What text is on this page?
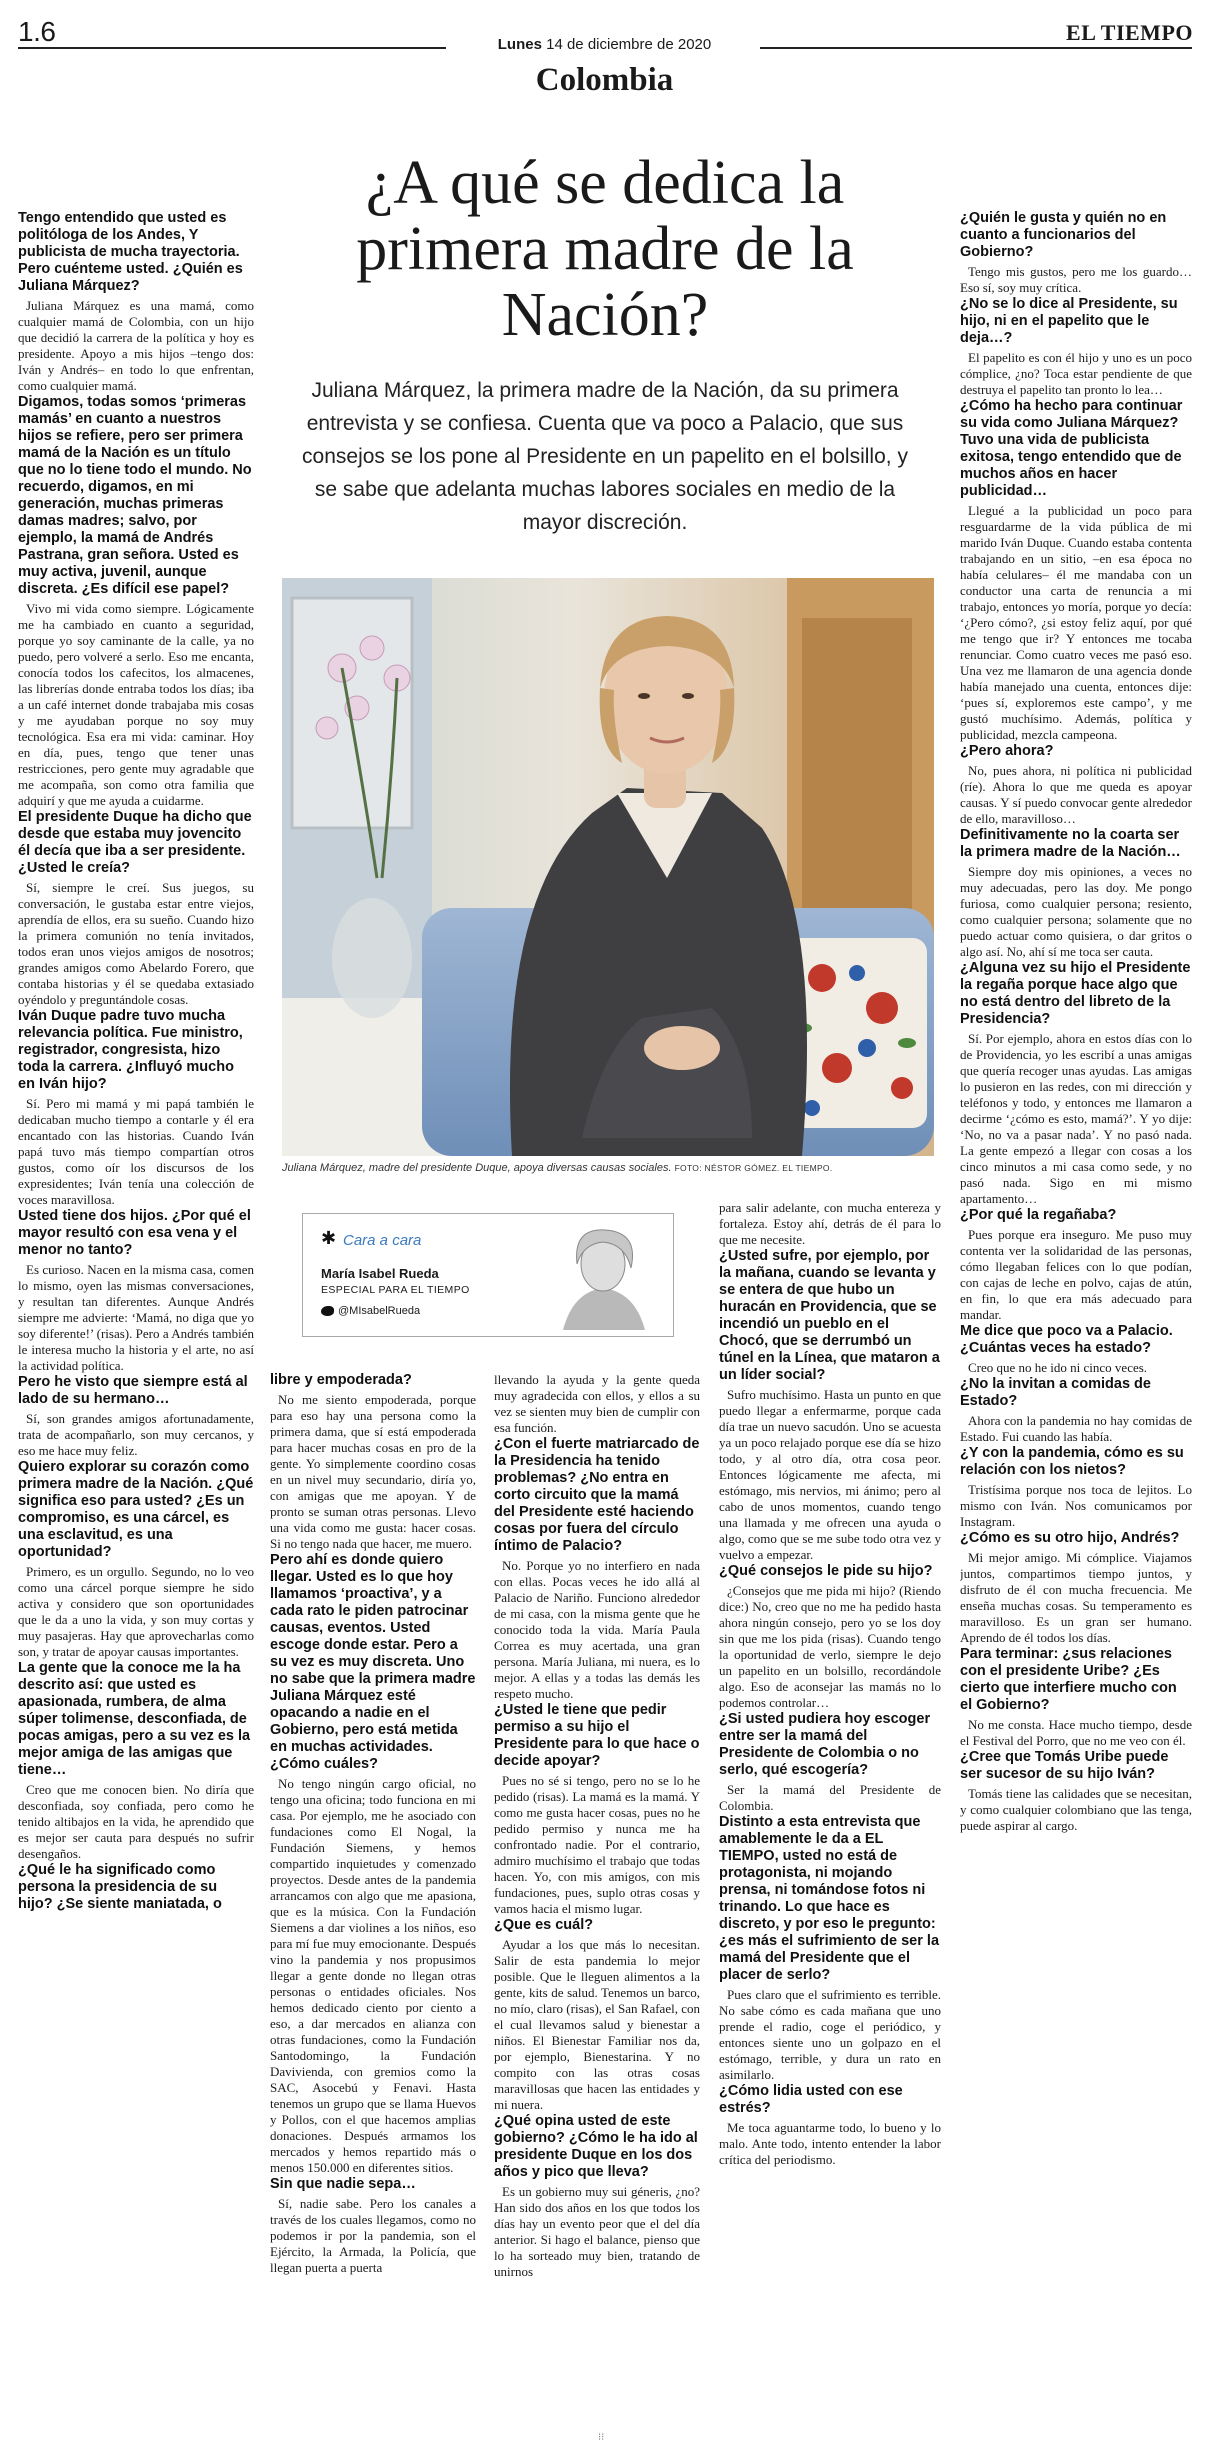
1.6	Lunes 14 de diciembre de 2020	EL TIEMPO
Colombia
¿A qué se dedica la primera madre de la Nación?

Juliana Márquez, la primera madre de la Nación, da su primera entrevista y se confiesa. Cuenta que va poco a Palacio, que sus consejos se los pone al Presidente en un papelito en el bolsillo, y se sabe que adelanta muchas labores sociales en medio de la mayor discreción.

Juliana Márquez, madre del presidente Duque, apoya diversas causas sociales. FOTO: NÉSTOR GÓMEZ. EL TIEMPO.
✱ Cara a cara
María Isabel Rueda
ESPECIAL PARA EL TIEMPO
@MIsabelRueda
Tengo entendido que usted es politóloga de los Andes, Y publicista de mucha trayectoria. Pero cuénteme usted. ¿Quién es Juliana Márquez?

Juliana Márquez es una mamá, como cualquier mamá de Colombia, con un hijo que decidió la carrera de la política y hoy es presidente. Apoyo a mis hijos –tengo dos: Iván y Andrés– en todo lo que enfrentan, como cualquier mamá.

Digamos, todas somos ‘primeras mamás’ en cuanto a nuestros hijos se refiere, pero ser primera mamá de la Nación es un título que no lo tiene todo el mundo. No recuerdo, digamos, en mi generación, muchas primeras damas madres; salvo, por ejemplo, la mamá de Andrés Pastrana, gran señora. Usted es muy activa, juvenil, aunque discreta. ¿Es difícil ese papel?

Vivo mi vida como siempre. Lógicamente me ha cambiado en cuanto a seguridad, porque yo soy caminante de la calle, ya no puedo, pero volveré a serlo. Eso me encanta, conocía todos los cafecitos, los almacenes, las librerías donde entraba todos los días; iba a un café internet donde trabajaba mis cosas y me ayudaban porque no soy muy tecnológica. Esa era mi vida: caminar. Hoy en día, pues, tengo que tener unas restricciones, pero gente muy agradable que me acompaña, son como otra familia que adquirí y que me ayuda a cuidarme.

El presidente Duque ha dicho que desde que estaba muy jovencito él decía que iba a ser presidente. ¿Usted le creía?

Sí, siempre le creí. Sus juegos, su conversación, le gustaba estar entre viejos, aprendía de ellos, era su sueño. Cuando hizo la primera comunión no tenía invitados, todos eran unos viejos amigos de nosotros; grandes amigos como Abelardo Forero, que contaba historias y él se quedaba extasiado oyéndolo y preguntándole cosas.

Iván Duque padre tuvo mucha relevancia política. Fue ministro, registrador, congresista, hizo toda la carrera. ¿Influyó mucho en Iván hijo?

Sí. Pero mi mamá y mi papá también le dedicaban mucho tiempo a contarle y él era encantado con las historias. Cuando Iván papá tuvo más tiempo compartían otros gustos, como oír los discursos de los expresidentes; Iván tenía una colección de voces maravillosa.

Usted tiene dos hijos. ¿Por qué el mayor resultó con esa vena y el menor no tanto?

Es curioso. Nacen en la misma casa, comen lo mismo, oyen las mismas conversaciones, y resultan tan diferentes. Aunque Andrés siempre me advierte: ‘Mamá, no diga que yo soy diferente!’ (risas). Pero a Andrés también le interesa mucho la historia y el arte, no así la actividad política.

Pero he visto que siempre está al lado de su hermano…

Sí, son grandes amigos afortunadamente, trata de acompañarlo, son muy cercanos, y eso me hace muy feliz.

Quiero explorar su corazón como primera madre de la Nación. ¿Qué significa eso para usted? ¿Es un compromiso, es una cárcel, es una esclavitud, es una oportunidad?

Primero, es un orgullo. Segundo, no lo veo como una cárcel porque siempre he sido activa y considero que son oportunidades que le da a uno la vida, y son muy cortas y muy pasajeras. Hay que aprovecharlas como son, y tratar de apoyar causas importantes.

La gente que la conoce me la ha descrito así: que usted es apasionada, rumbera, de alma súper tolimense, desconfiada, de pocas amigas, pero a su vez es la mejor amiga de las amigas que tiene…

Creo que me conocen bien. No diría que desconfiada, soy confiada, pero como he tenido altibajos en la vida, he aprendido que es mejor ser cauta para después no sufrir desengaños.

¿Qué le ha significado como persona la presidencia de su hijo? ¿Se siente maniatada, o
libre y empoderada?

No me siento empoderada, porque para eso hay una persona como la primera dama, que sí está empoderada para hacer muchas cosas en pro de la gente. Yo simplemente coordino cosas en un nivel muy secundario, diría yo, con amigas que me apoyan. Y de pronto se suman otras personas. Llevo una vida como me gusta: hacer cosas. Si no tengo nada que hacer, me muero.

Pero ahí es donde quiero llegar. Usted es lo que hoy llamamos ‘proactiva’, y a cada rato le piden patrocinar causas, eventos. Usted escoge donde estar. Pero a su vez es muy discreta. Uno no sabe que la primera madre Juliana Márquez esté opacando a nadie en el Gobierno, pero está metida en muchas actividades. ¿Cómo cuáles?

No tengo ningún cargo oficial, no tengo una oficina; todo funciona en mi casa. Por ejemplo, me he asociado con fundaciones como El Nogal, la Fundación Siemens, y hemos compartido inquietudes y comenzado proyectos. Desde antes de la pandemia arrancamos con algo que me apasiona, que es la música. Con la Fundación Siemens a dar violines a los niños, eso para mí fue muy emocionante. Después vino la pandemia y nos propusimos llegar a gente donde no llegan otras personas o entidades oficiales. Nos hemos dedicado ciento por ciento a eso, a dar mercados en alianza con otras fundaciones, como la Fundación Santodomingo, la Fundación Davivienda, con gremios como la SAC, Asocebú y Fenavi. Hasta tenemos un grupo que se llama Huevos y Pollos, con el que hacemos amplias donaciones. Después armamos los mercados y hemos repartido más o menos 150.000 en diferentes sitios.

Sin que nadie sepa…

Sí, nadie sabe. Pero los canales a través de los cuales llegamos, como no podemos ir por la pandemia, son el Ejército, la Armada, la Policía, que llegan puerta a puerta

llevando la ayuda y la gente queda muy agradecida con ellos, y ellos a su vez se sienten muy bien de cumplir con esa función.

¿Con el fuerte matriarcado de la Presidencia ha tenido problemas? ¿No entra en corto circuito que la mamá del Presidente esté haciendo cosas por fuera del círculo íntimo de Palacio?

No. Porque yo no interfiero en nada con ellas. Pocas veces he ido allá al Palacio de Nariño. Funciono alrededor de mi casa, con la misma gente que he conocido toda la vida. María Paula Correa es muy acertada, una gran persona. María Juliana, mi nuera, es lo mejor. A ellas y a todas las demás les respeto mucho.

¿Usted le tiene que pedir permiso a su hijo el Presidente para lo que hace o decide apoyar?

Pues no sé si tengo, pero no se lo he pedido (risas). La mamá es la mamá. Y como me gusta hacer cosas, pues no he pedido permiso y nunca me ha confrontado nadie. Por el contrario, admiro muchísimo el trabajo que todas hacen. Yo, con mis amigos, con mis fundaciones, pues, suplo otras cosas y vamos hacia el mismo lugar.

¿Que es cuál?

Ayudar a los que más lo necesitan. Salir de esta pandemia lo mejor posible. Que le lleguen alimentos a la gente, kits de salud. Tenemos un barco, no mío, claro (risas), el San Rafael, con el cual llevamos salud y bienestar a niños. El Bienestar Familiar nos da, por ejemplo, Bienestarina. Y no compito con las otras cosas maravillosas que hacen las entidades y mi nuera.

¿Qué opina usted de este gobierno? ¿Cómo le ha ido al presidente Duque en los dos años y pico que lleva?

Es un gobierno muy sui géneris, ¿no? Han sido dos años en los que todos los días hay un evento peor que el del día anterior. Si hago el balance, pienso que lo ha sorteado muy bien, tratando de unirnos

para salir adelante, con mucha entereza y fortaleza. Estoy ahí, detrás de él para lo que me necesite.

¿Usted sufre, por ejemplo, por la mañana, cuando se levanta y se entera de que hubo un huracán en Providencia, que se incendió un pueblo en el Chocó, que se derrumbó un túnel en la Línea, que mataron a un líder social?

Sufro muchísimo. Hasta un punto en que puedo llegar a enfermarme, porque cada día trae un nuevo sacudón. Uno se acuesta ya un poco relajado porque ese día se hizo todo, y al otro día, otra cosa peor. Entonces lógicamente me afecta, mi estómago, mis nervios, mi ánimo; pero al cabo de unos momentos, cuando tengo una llamada y me ofrecen una ayuda o algo, como que se me sube todo otra vez y vuelvo a empezar.

¿Qué consejos le pide su hijo?

¿Consejos que me pida mi hijo? (Riendo dice:) No, creo que no me ha pedido hasta ahora ningún consejo, pero yo se los doy sin que me los pida (risas). Cuando tengo la oportunidad de verlo, siempre le dejo un papelito en un bolsillo, recordándole algo. Eso de aconsejar las mamás no lo podemos controlar…

¿Si usted pudiera hoy escoger entre ser la mamá del Presidente de Colombia o no serlo, qué escogería?

Ser la mamá del Presidente de Colombia.

Distinto a esta entrevista que amablemente le da a EL TIEMPO, usted no está de protagonista, ni mojando prensa, ni tomándose fotos ni trinando. Lo que hace es discreto, y por eso le pregunto: ¿es más el sufrimiento de ser la mamá del Presidente que el placer de serlo?

Pues claro que el sufrimiento es terrible. No sabe cómo es cada mañana que uno prende el radio, coge el periódico, y entonces siente uno un golpazo en el estómago, terrible, y dura un rato en asimilarlo.

¿Cómo lidia usted con ese estrés?

Me toca aguantarme todo, lo bueno y lo malo. Ante todo, intento entender la labor crítica del periodismo.

¿Quién le gusta y quién no en cuanto a funcionarios del Gobierno?

Tengo mis gustos, pero me los guardo… Eso sí, soy muy crítica.

¿No se lo dice al Presidente, su hijo, ni en el papelito que le deja…?

El papelito es con él hijo y uno es un poco cómplice, ¿no? Toca estar pendiente de que destruya el papelito tan pronto lo lea…

¿Cómo ha hecho para continuar su vida como Juliana Márquez? Tuvo una vida de publicista exitosa, tengo entendido que de muchos años en hacer publicidad…

Llegué a la publicidad un poco para resguardarme de la vida pública de mi marido Iván Duque. Cuando estaba contenta trabajando en un sitio, –en esa época no había celulares– él me mandaba con un conductor una carta de renuncia a mi trabajo, entonces yo moría, porque yo decía: ‘¿Pero cómo?, ¿si estoy feliz aquí, por qué me tengo que ir? Y entonces me tocaba renunciar. Como cuatro veces me pasó eso. Una vez me llamaron de una agencia donde había manejado una cuenta, entonces dije: ‘pues sí, exploremos este campo’, y me gustó muchísimo. Además, política y publicidad, mezcla campeona.

¿Pero ahora?

No, pues ahora, ni política ni publicidad (ríe). Ahora lo que me queda es apoyar causas. Y sí puedo convocar gente alrededor de ello, maravilloso…

Definitivamente no la coarta ser la primera madre de la Nación…

Siempre doy mis opiniones, a veces no muy adecuadas, pero las doy. Me pongo furiosa, como cualquier persona; resiento, como cualquier persona; solamente que no puedo actuar como quisiera, o dar gritos o algo así. No, ahí sí me toca ser cauta.

¿Alguna vez su hijo el Presidente la regaña porque hace algo que no está dentro del libreto de la Presidencia?

Sí. Por ejemplo, ahora en estos días con lo de Providencia, yo les escribí a unas amigas que quería recoger unas ayudas. Las amigas lo pusieron en las redes, con mi dirección y teléfonos y todo, y entonces me llamaron a decirme ‘¿cómo es esto, mamá?’. Y yo dije: ‘No, no va a pasar nada’. Y no pasó nada. La gente empezó a llegar con cosas a los cinco minutos a mi casa como sede, y no pasó nada. Sigo en mi mismo apartamento…

¿Por qué la regañaba?

Pues porque era inseguro. Me puso muy contenta ver la solidaridad de las personas, cómo llegaban felices con lo que podían, con cajas de leche en polvo, cajas de atún, en fin, lo que era más adecuado para mandar.

Me dice que poco va a Palacio. ¿Cuántas veces ha estado?

Creo que no he ido ni cinco veces.

¿No la invitan a comidas de Estado?

Ahora con la pandemia no hay comidas de Estado. Fui cuando las había.

¿Y con la pandemia, cómo es su relación con los nietos?

Tristísima porque nos toca de lejitos. Lo mismo con Iván. Nos comunicamos por Instagram.

¿Cómo es su otro hijo, Andrés?

Mi mejor amigo. Mi cómplice. Viajamos juntos, compartimos tiempo juntos, y disfruto de él con mucha frecuencia. Me enseña muchas cosas. Su temperamento es maravilloso. Es un gran ser humano. Aprendo de él todos los días.

Para terminar: ¿sus relaciones con el presidente Uribe? ¿Es cierto que interfiere mucho con el Gobierno?

No me consta. Hace mucho tiempo, desde el Festival del Porro, que no me veo con él.

¿Cree que Tomás Uribe puede ser sucesor de su hijo Iván?

Tomás tiene las calidades que se necesitan, y como cualquier colombiano que las tenga, puede aspirar al cargo.

⁝⁝
